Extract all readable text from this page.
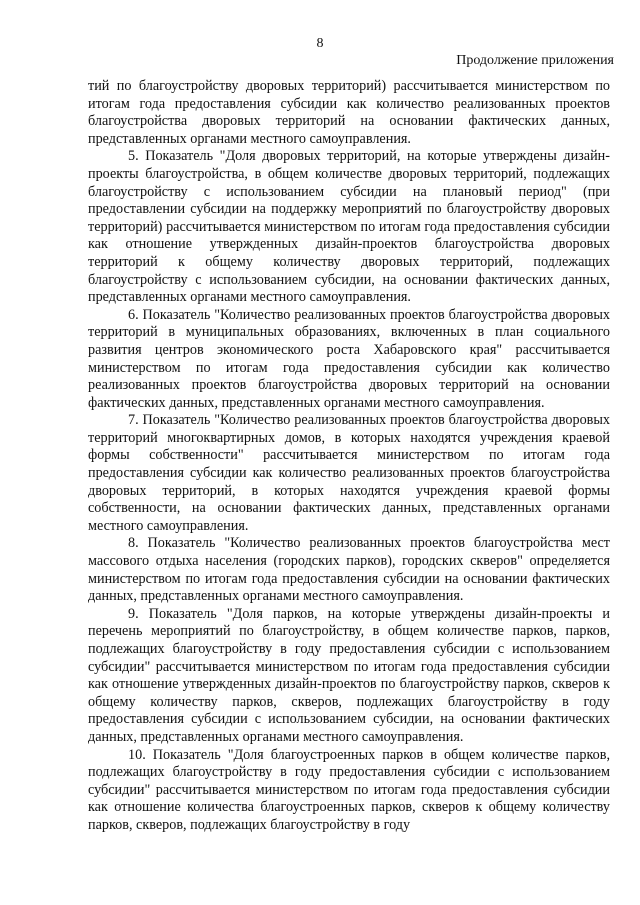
8
Продолжение приложения

тий по благоустройству дворовых территорий) рассчитывается министерством по итогам года предоставления субсидии как количество реализованных проектов благоустройства дворовых территорий на основании фактических данных, представленных органами местного самоуправления.

5. Показатель "Доля дворовых территорий, на которые утверждены дизайн-проекты благоустройства, в общем количестве дворовых территорий, подлежащих благоустройству с использованием субсидии на плановый период" (при предоставлении субсидии на поддержку мероприятий по благоустройству дворовых территорий) рассчитывается министерством по итогам года предоставления субсидии как отношение утвержденных дизайн-проектов благоустройства дворовых территорий к общему количеству дворовых территорий, подлежащих благоустройству с использованием субсидии, на основании фактических данных, представленных органами местного самоуправления.

6. Показатель "Количество реализованных проектов благоустройства дворовых территорий в муниципальных образованиях, включенных в план социального развития центров экономического роста Хабаровского края" рассчитывается министерством по итогам года предоставления субсидии как количество реализованных проектов благоустройства дворовых территорий на основании фактических данных, представленных органами местного самоуправления.

7. Показатель "Количество реализованных проектов благоустройства дворовых территорий многоквартирных домов, в которых находятся учреждения краевой формы собственности" рассчитывается министерством по итогам года предоставления субсидии как количество реализованных проектов благоустройства дворовых территорий, в которых находятся учреждения краевой формы собственности, на основании фактических данных, представленных органами местного самоуправления.

8. Показатель "Количество реализованных проектов благоустройства мест массового отдыха населения (городских парков), городских скверов" определяется министерством по итогам года предоставления субсидии на основании фактических данных, представленных органами местного самоуправления.

9. Показатель "Доля парков, на которые утверждены дизайн-проекты и перечень мероприятий по благоустройству, в общем количестве парков, парков, подлежащих благоустройству в году предоставления субсидии с использованием субсидии" рассчитывается министерством по итогам года предоставления субсидии как отношение утвержденных дизайн-проектов по благоустройству парков, скверов к общему количеству парков, скверов, подлежащих благоустройству в году предоставления субсидии с использованием субсидии, на основании фактических данных, представленных органами местного самоуправления.

10. Показатель "Доля благоустроенных парков в общем количестве парков, подлежащих благоустройству в году предоставления субсидии с использованием субсидии" рассчитывается министерством по итогам года предоставления субсидии как отношение количества благоустроенных парков, скверов к общему количеству парков, скверов, подлежащих благоустройству в году
